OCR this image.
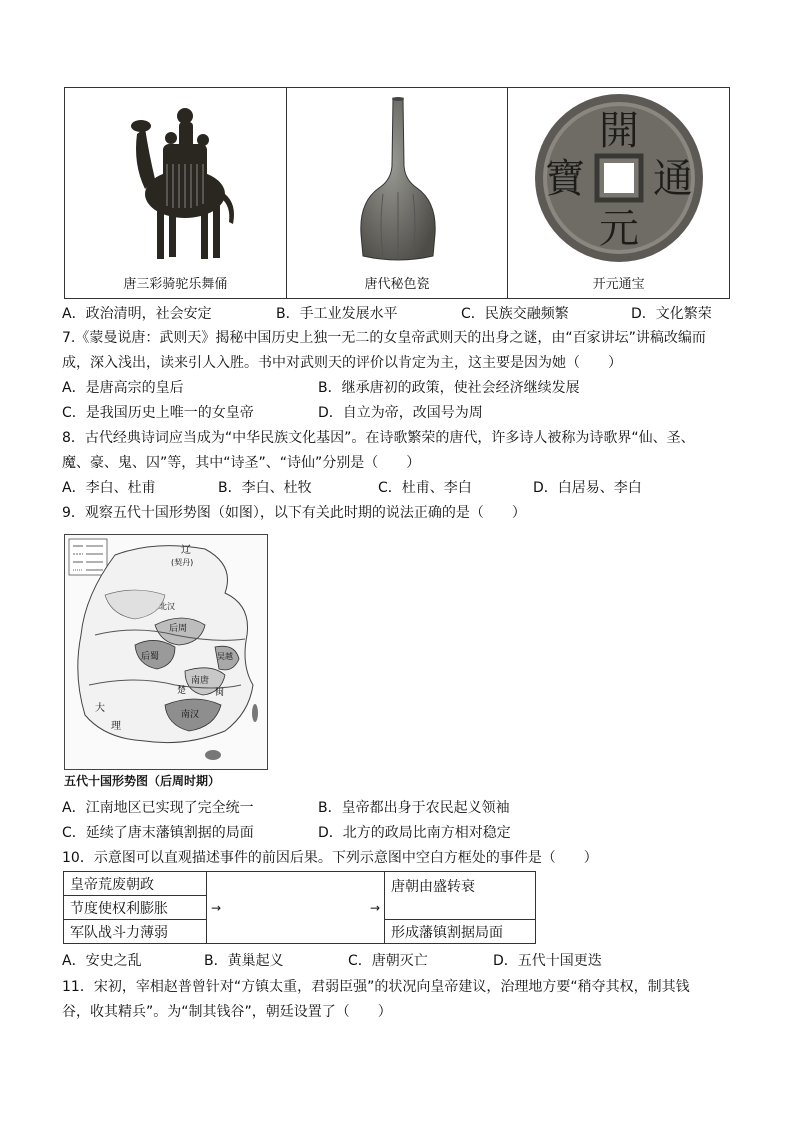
唐三彩骑驼乐舞俑	唐代秘色瓷
開
通
元
寶
开元通宝
A．政治清明，社会安定	B．手工业发展水平	C．民族交融频繁	D．文化繁荣
7.《蒙曼说唐：武则天》揭秘中国历史上独一无二的女皇帝武则天的出身之谜，由“百家讲坛”讲稿改编而
成，深入浅出，读来引人入胜。书中对武则天的评价以肯定为主，这主要是因为她（　　）
A．是唐高宗的皇后	B．继承唐初的政策，使社会经济继续发展
C．是我国历史上唯一的女皇帝	D．自立为帝，改国号为周
8．古代经典诗词应当成为“中华民族文化基因”。在诗歌繁荣的唐代，许多诗人被称为诗歌界“仙、圣、
魔、豪、鬼、囚”等，其中“诗圣”、“诗仙”分别是（　　）
A．李白、杜甫	B．李白、杜牧	C．杜甫、李白	D．白居易、李白
9．观察五代十国形势图（如图），以下有关此时期的说法正确的是（　　）
辽
(契丹)
后周
北汉
后蜀
南唐
吴越
南汉
楚	闽
大
理
五代十国形势图（后周时期）
A．江南地区已实现了完全统一	B．皇帝都出身于农民起义领袖
C．延续了唐末藩镇割据的局面	D．北方的政局比南方相对稳定
10．示意图可以直观描述事件的前因后果。下列示意图中空白方框处的事件是（　　）
皇帝荒废朝政	→ →	唐朝由盛转衰
节度使权利膨胀		
军队战斗力薄弱		形成藩镇割据局面
A．安史之乱	B．黄巢起义	C．唐朝灭亡	D．五代十国更迭
11．宋初，宰相赵普曾针对“方镇太重，君弱臣强”的状况向皇帝建议，治理地方要“稍夺其权，制其钱
谷，收其精兵”。为“制其钱谷”，朝廷设置了（　　）
